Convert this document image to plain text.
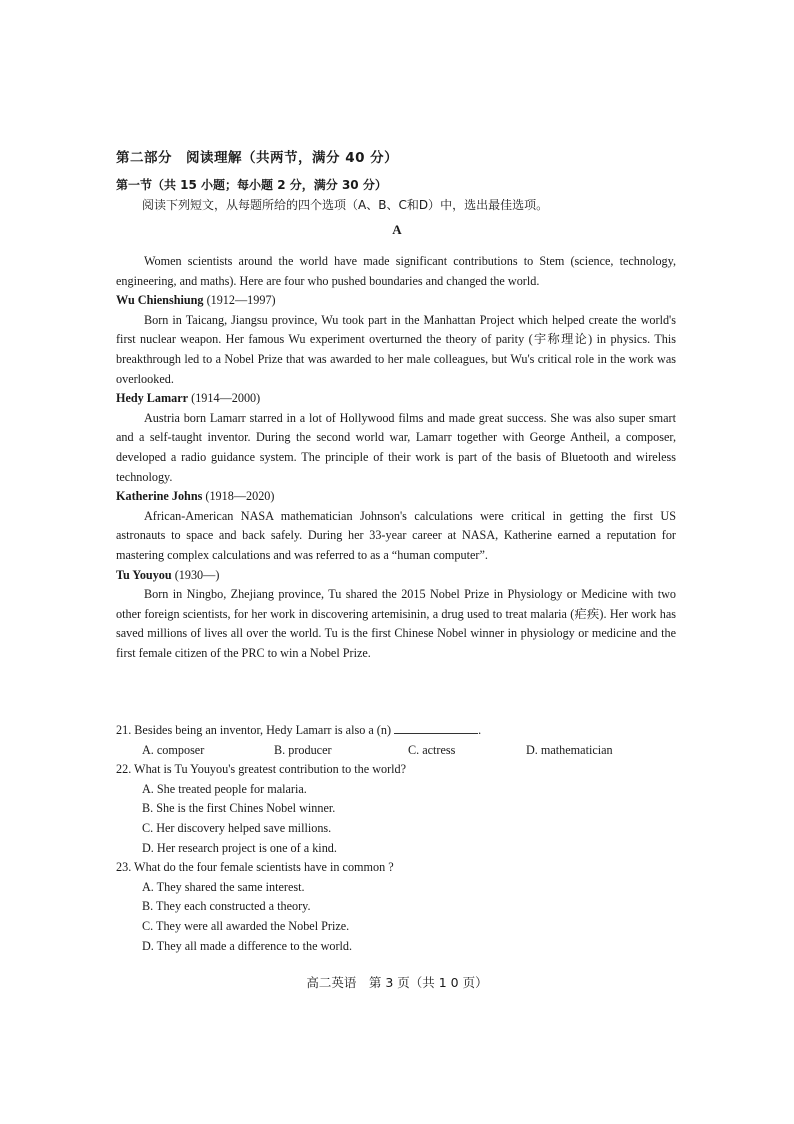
第二部分　阅读理解（共两节，满分 40 分）
第一节（共 15 小题；每小题 2 分，满分 30 分）
阅读下列短文，从每题所给的四个选项（A、B、C和D）中，选出最佳选项。
A

Women scientists around the world have made significant contributions to Stem (science, technology, engineering, and maths). Here are four who pushed boundaries and changed the world.

Wu Chienshiung (1912—1997)

Born in Taicang, Jiangsu province, Wu took part in the Manhattan Project which helped create the world's first nuclear weapon. Her famous Wu experiment overturned the theory of parity (宇称理论) in physics. This breakthrough led to a Nobel Prize that was awarded to her male colleagues, but Wu's critical role in the work was overlooked.

Hedy Lamarr (1914—2000)

Austria born Lamarr starred in a lot of Hollywood films and made great success. She was also super smart and a self-taught inventor. During the second world war, Lamarr together with George Antheil, a composer, developed a radio guidance system. The principle of their work is part of the basis of Bluetooth and wireless technology.

Katherine Johns (1918—2020)

African-American NASA mathematician Johnson's calculations were critical in getting the first US astronauts to space and back safely. During her 33-year career at NASA, Katherine earned a reputation for mastering complex calculations and was referred to as a “human computer”.

Tu Youyou (1930—)

Born in Ningbo, Zhejiang province, Tu shared the 2015 Nobel Prize in Physiology or Medicine with two other foreign scientists, for her work in discovering artemisinin, a drug used to treat malaria (疟疾). Her work has saved millions of lives all over the world. Tu is the first Chinese Nobel winner in physiology or medicine and the first female citizen of the PRC to win a Nobel Prize.

21. Besides being an inventor, Hedy Lamarr is also a (n)	.
A. composer	B. producer	C. actress	D. mathematician
22. What is Tu Youyou's greatest contribution to the world?
A. She treated people for malaria.
B. She is the first Chines Nobel winner.
C. Her discovery helped save millions.
D. Her research project is one of a kind.
23. What do the four female scientists have in common ?
A. They shared the same interest.
B. They each constructed a theory.
C. They were all awarded the Nobel Prize.
D. They all made a difference to the world.
高二英语　第 3 页（共 1 0 页）
